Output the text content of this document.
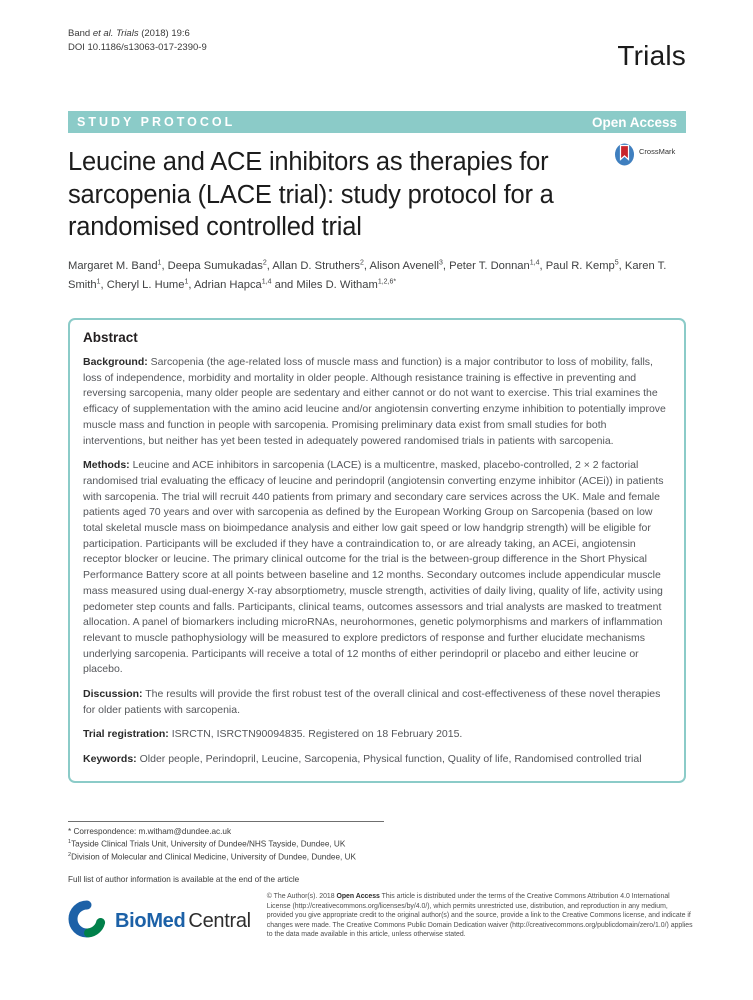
Band et al. Trials (2018) 19:6
DOI 10.1186/s13063-017-2390-9	Trials
STUDY PROTOCOL	Open Access
Leucine and ACE inhibitors as therapies for sarcopenia (LACE trial): study protocol for a randomised controlled trial
CrossMark

Margaret M. Band$^1$, Deepa Sumukadas$^2$, Allan D. Struthers$^2$, Alison Avenell$^3$, Peter T. Donnan$^{1,4}$, Paul R. Kemp$^5$, Karen T. Smith$^1$, Cheryl L. Hume$^1$, Adrian Hapca$^{1,4}$ and Miles D. Witham$^{1,2,6*}$

Abstract

Background: Sarcopenia (the age-related loss of muscle mass and function) is a major contributor to loss of mobility, falls, loss of independence, morbidity and mortality in older people. Although resistance training is effective in preventing and reversing sarcopenia, many older people are sedentary and either cannot or do not want to exercise. This trial examines the efficacy of supplementation with the amino acid leucine and/or angiotensin converting enzyme inhibition to potentially improve muscle mass and function in people with sarcopenia. Promising preliminary data exist from small studies for both interventions, but neither has yet been tested in adequately powered randomised trials in patients with sarcopenia.

Methods: Leucine and ACE inhibitors in sarcopenia (LACE) is a multicentre, masked, placebo-controlled, 2 × 2 factorial randomised trial evaluating the efficacy of leucine and perindopril (angiotensin converting enzyme inhibitor (ACEi)) in patients with sarcopenia. The trial will recruit 440 patients from primary and secondary care services across the UK. Male and female patients aged 70 years and over with sarcopenia as defined by the European Working Group on Sarcopenia (based on low total skeletal muscle mass on bioimpedance analysis and either low gait speed or low handgrip strength) will be eligible for participation. Participants will be excluded if they have a contraindication to, or are already taking, an ACEi, angiotensin receptor blocker or leucine. The primary clinical outcome for the trial is the between-group difference in the Short Physical Performance Battery score at all points between baseline and 12 months. Secondary outcomes include appendicular muscle mass measured using dual-energy X-ray absorptiometry, muscle strength, activities of daily living, quality of life, activity using pedometer step counts and falls. Participants, clinical teams, outcomes assessors and trial analysts are masked to treatment allocation. A panel of biomarkers including microRNAs, neurohormones, genetic polymorphisms and markers of inflammation relevant to muscle pathophysiology will be measured to explore predictors of response and further elucidate mechanisms underlying sarcopenia. Participants will receive a total of 12 months of either perindopril or placebo and either leucine or placebo.

Discussion: The results will provide the first robust test of the overall clinical and cost-effectiveness of these novel therapies for older patients with sarcopenia.

Trial registration: ISRCTN, ISRCTN90094835. Registered on 18 February 2015.

Keywords: Older people, Perindopril, Leucine, Sarcopenia, Physical function, Quality of life, Randomised controlled trial

* Correspondence: m.witham@dundee.ac.uk
$^1$Tayside Clinical Trials Unit, University of Dundee/NHS Tayside, Dundee, UK
$^2$Division of Molecular and Clinical Medicine, University of Dundee, Dundee, UK
Full list of author information is available at the end of the article
BioMed Central

© The Author(s). 2018 Open Access This article is distributed under the terms of the Creative Commons Attribution 4.0 International License (http://creativecommons.org/licenses/by/4.0/), which permits unrestricted use, distribution, and reproduction in any medium, provided you give appropriate credit to the original author(s) and the source, provide a link to the Creative Commons license, and indicate if changes were made. The Creative Commons Public Domain Dedication waiver (http://creativecommons.org/publicdomain/zero/1.0/) applies to the data made available in this article, unless otherwise stated.
